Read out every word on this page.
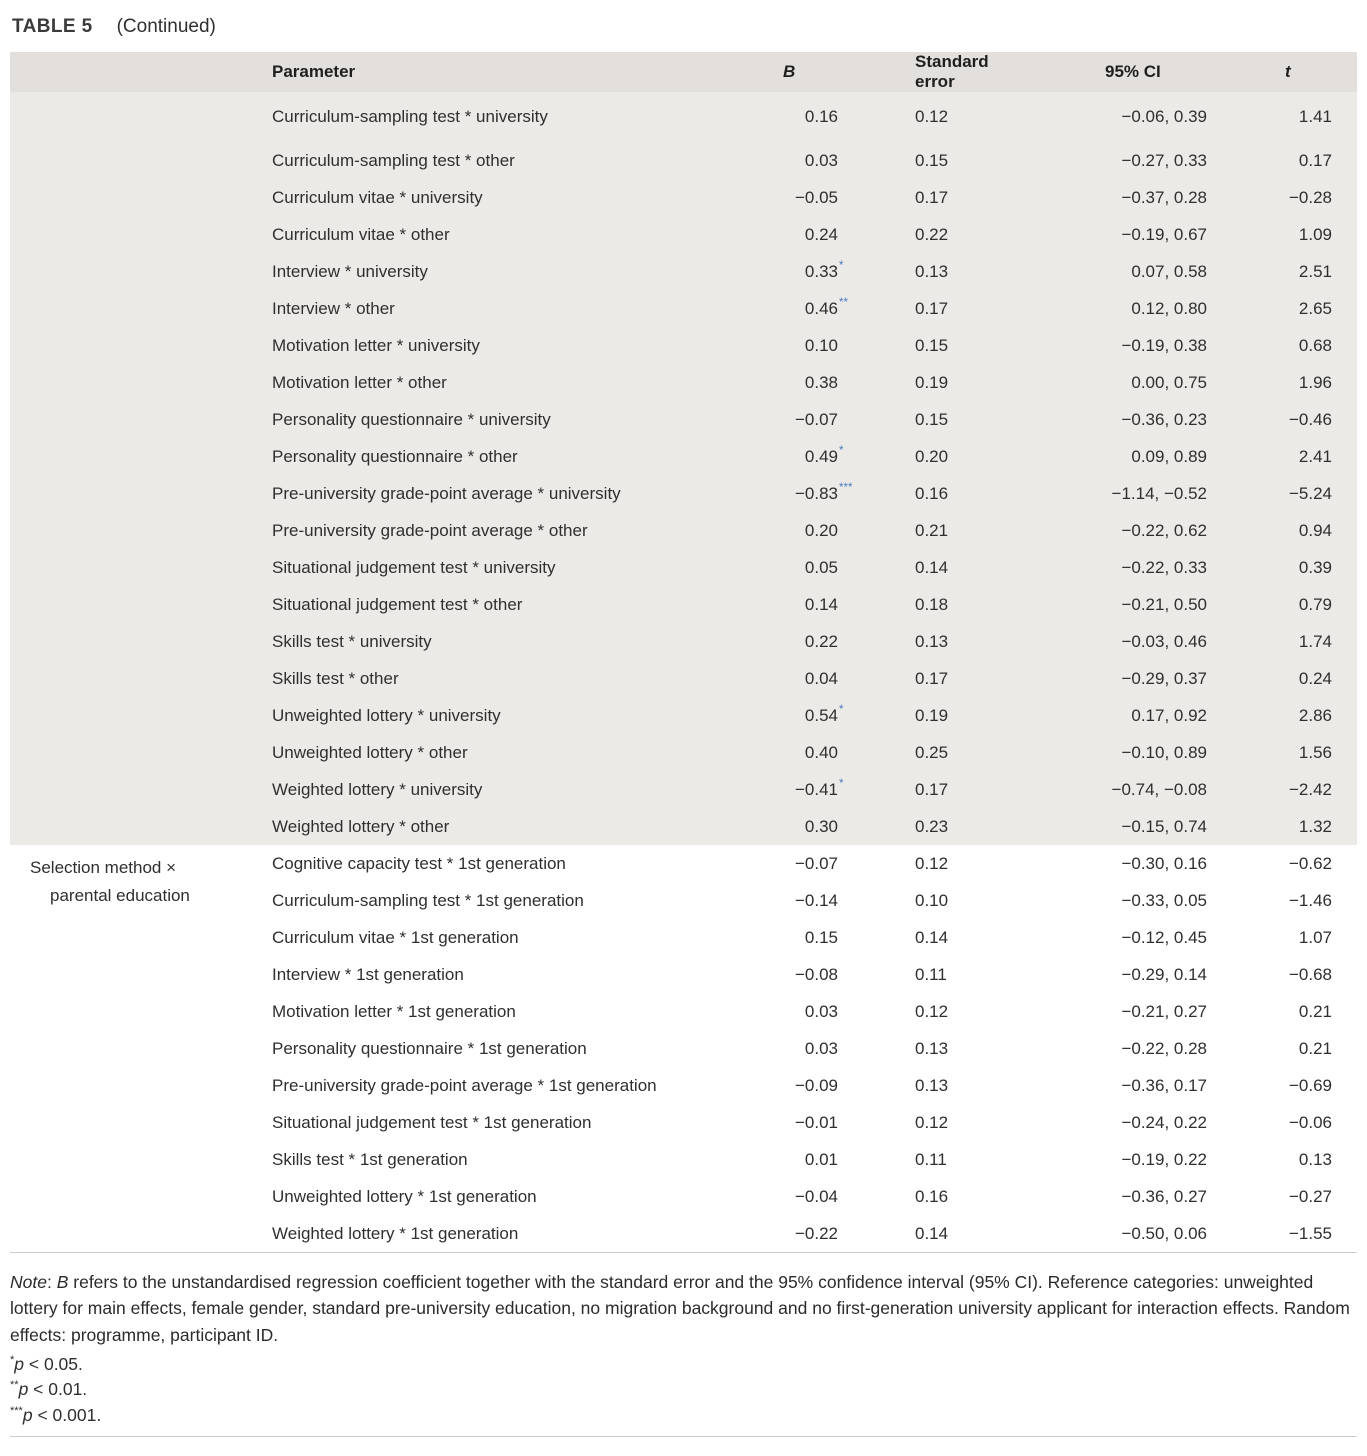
TABLE 5 (Continued)
	Parameter	B	Standard error	95% CI	t
	Curriculum-sampling test * university	0.16	0.12	−0.06, 0.39	1.41
	Curriculum-sampling test * other	0.03	0.15	−0.27, 0.33	0.17
	Curriculum vitae * university	−0.05	0.17	−0.37, 0.28	−0.28
	Curriculum vitae * other	0.24	0.22	−0.19, 0.67	1.09
	Interview * university	0.33 *	0.13	0.07, 0.58	2.51
	Interview * other	0.46 **	0.17	0.12, 0.80	2.65
	Motivation letter * university	0.10	0.15	−0.19, 0.38	0.68
	Motivation letter * other	0.38	0.19	0.00, 0.75	1.96
	Personality questionnaire * university	−0.07	0.15	−0.36, 0.23	−0.46
	Personality questionnaire * other	0.49 *	0.20	0.09, 0.89	2.41
	Pre-university grade-point average * university	−0.83 ***	0.16	−1.14, −0.52	−5.24
	Pre-university grade-point average * other	0.20	0.21	−0.22, 0.62	0.94
	Situational judgement test * university	0.05	0.14	−0.22, 0.33	0.39
	Situational judgement test * other	0.14	0.18	−0.21, 0.50	0.79
	Skills test * university	0.22	0.13	−0.03, 0.46	1.74
	Skills test * other	0.04	0.17	−0.29, 0.37	0.24
	Unweighted lottery * university	0.54 *	0.19	0.17, 0.92	2.86
	Unweighted lottery * other	0.40	0.25	−0.10, 0.89	1.56
	Weighted lottery * university	−0.41 *	0.17	−0.74, −0.08	−2.42
	Weighted lottery * other	0.30	0.23	−0.15, 0.74	1.32

Selection method ×
parental education	Cognitive capacity test * 1st generation	−0.07	0.12	−0.30, 0.16	−0.62
	Curriculum-sampling test * 1st generation	−0.14	0.10	−0.33, 0.05	−1.46
	Curriculum vitae * 1st generation	0.15	0.14	−0.12, 0.45	1.07
	Interview * 1st generation	−0.08	0.11	−0.29, 0.14	−0.68
	Motivation letter * 1st generation	0.03	0.12	−0.21, 0.27	0.21
	Personality questionnaire * 1st generation	0.03	0.13	−0.22, 0.28	0.21
	Pre-university grade-point average * 1st generation	−0.09	0.13	−0.36, 0.17	−0.69
	Situational judgement test * 1st generation	−0.01	0.12	−0.24, 0.22	−0.06
	Skills test * 1st generation	0.01	0.11	−0.19, 0.22	0.13
	Unweighted lottery * 1st generation	−0.04	0.16	−0.36, 0.27	−0.27
	Weighted lottery * 1st generation	−0.22	0.14	−0.50, 0.06	−1.55
Note: B refers to the unstandardised regression coefficient together with the standard error and the 95% confidence interval (95% CI). Reference categories: unweighted lottery for main effects, female gender, standard pre-university education, no migration background and no first-generation university applicant for interaction effects. Random effects: programme, participant ID.
*p < 0.05.
**p < 0.01.
***p < 0.001.
